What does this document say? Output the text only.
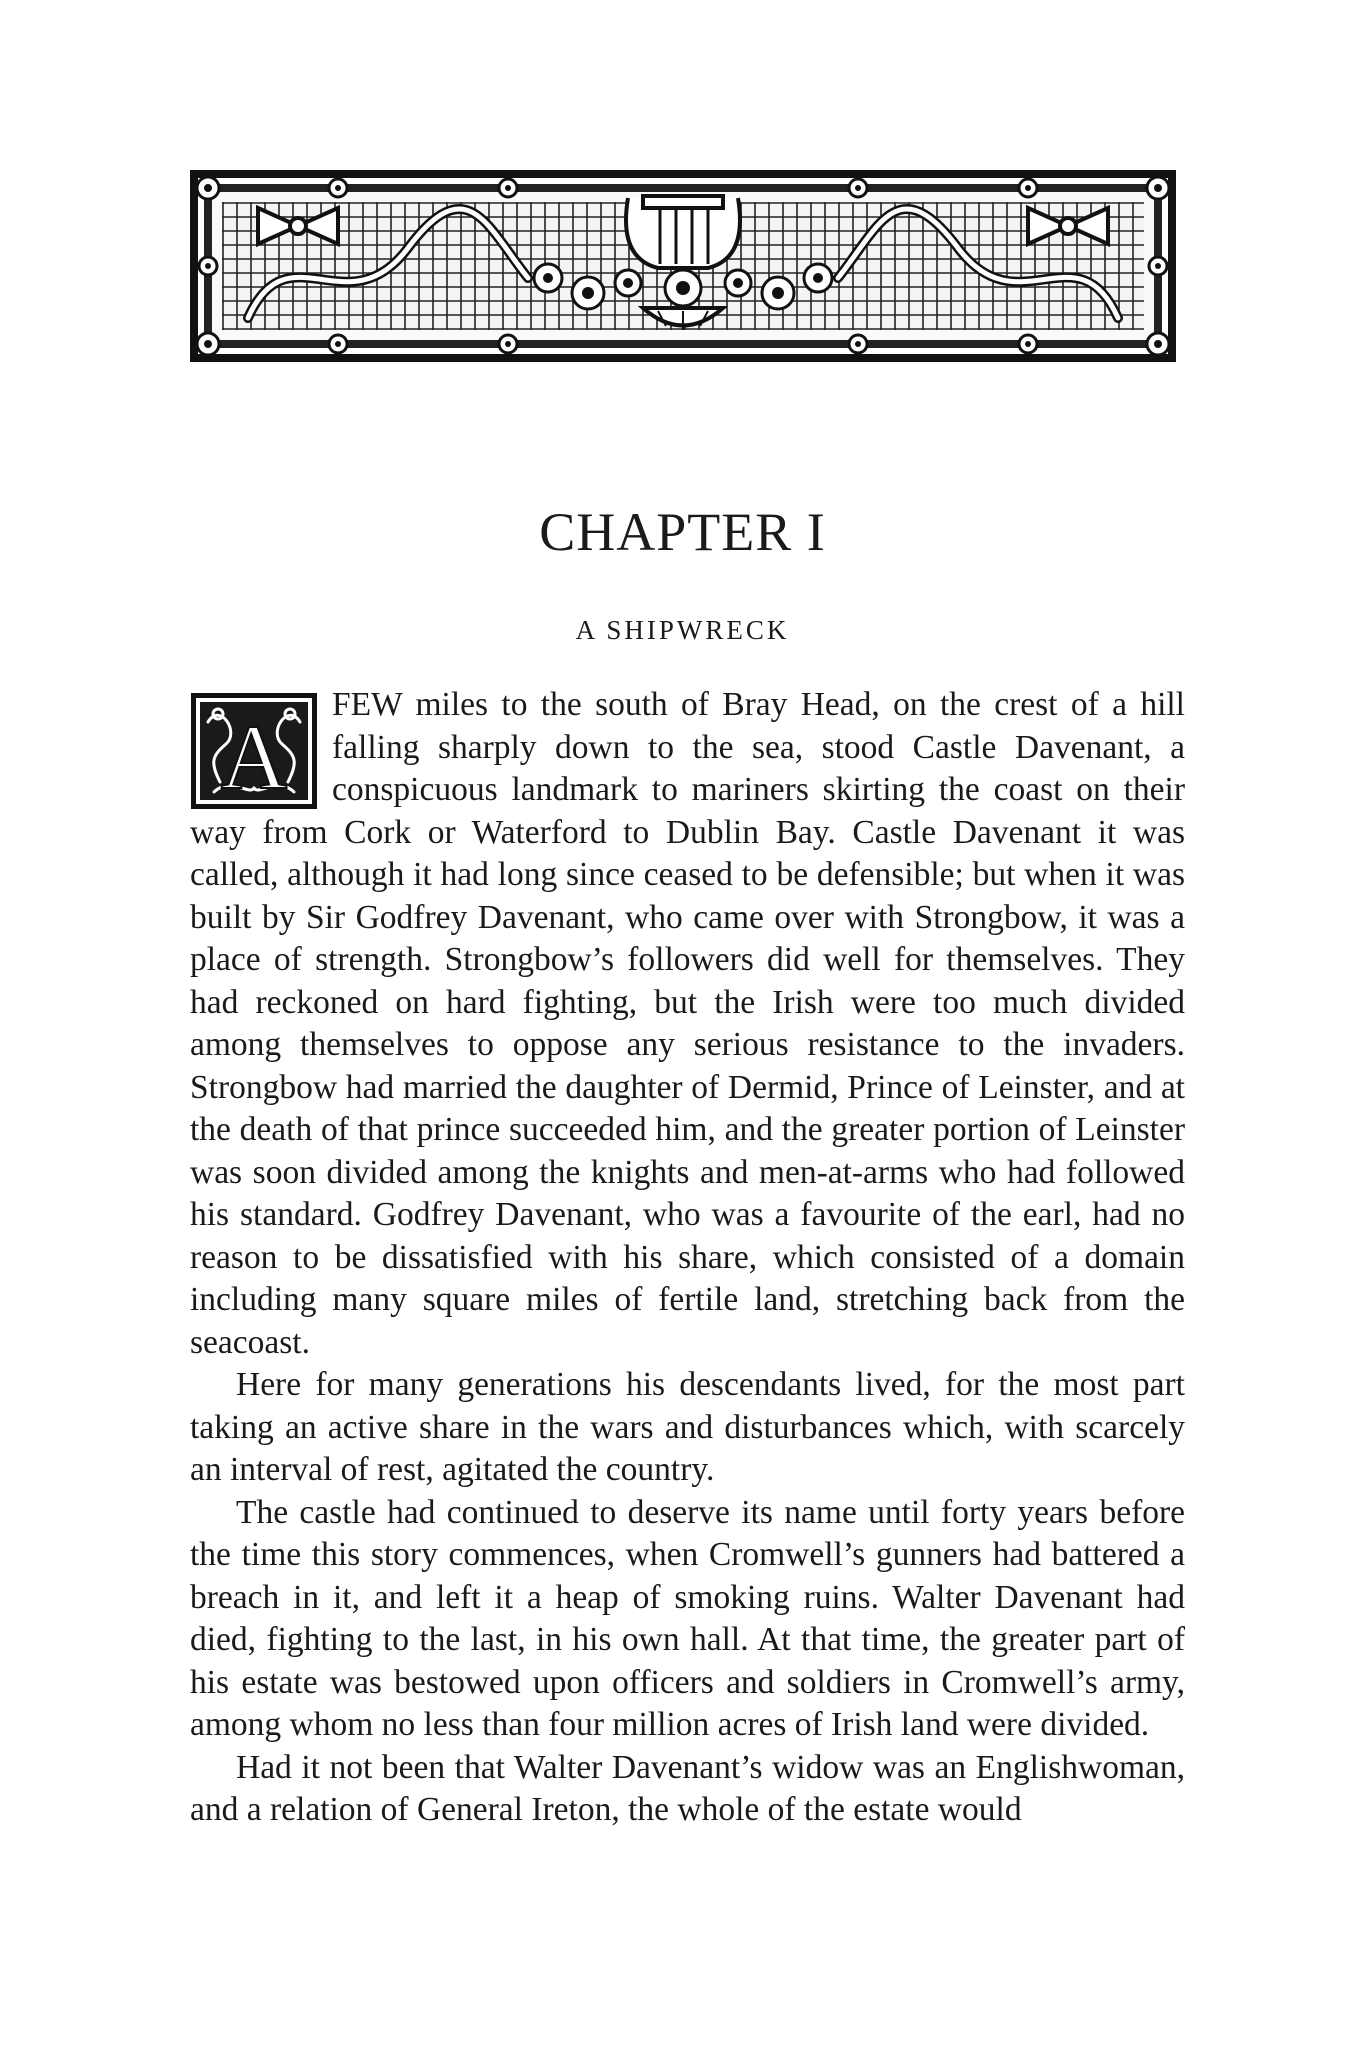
CHAPTER I
A SHIPWRECK

A
FEW miles to the south of Bray Head, on the crest of a hill falling sharply down to the sea, stood Castle Davenant, a conspicuous landmark to mariners skirting the coast on their way from Cork or Waterford to Dublin Bay. Castle Davenant it was called, although it had long since ceased to be defensible; but when it was built by Sir Godfrey Davenant, who came over with Strongbow, it was a place of strength. Strongbow’s followers did well for themselves. They had reckoned on hard fighting, but the Irish were too much divided among themselves to oppose any serious resistance to the invaders. Strongbow had married the daughter of Dermid, Prince of Leinster, and at the death of that prince succeeded him, and the greater portion of Leinster was soon divided among the knights and men-at-arms who had followed his standard. Godfrey Davenant, who was a favourite of the earl, had no reason to be dissatisfied with his share, which consisted of a domain including many square miles of fertile land, stretching back from the seacoast.

Here for many generations his descendants lived, for the most part taking an active share in the wars and disturbances which, with scarcely an interval of rest, agitated the country.

The castle had continued to deserve its name until forty years before the time this story commences, when Cromwell’s gunners had battered a breach in it, and left it a heap of smoking ruins. Walter Davenant had died, fighting to the last, in his own hall. At that time, the greater part of his estate was bestowed upon officers and soldiers in Cromwell’s army, among whom no less than four million acres of Irish land were divided.

Had it not been that Walter Davenant’s widow was an Englishwoman, and a relation of General Ireton, the whole of the estate would
